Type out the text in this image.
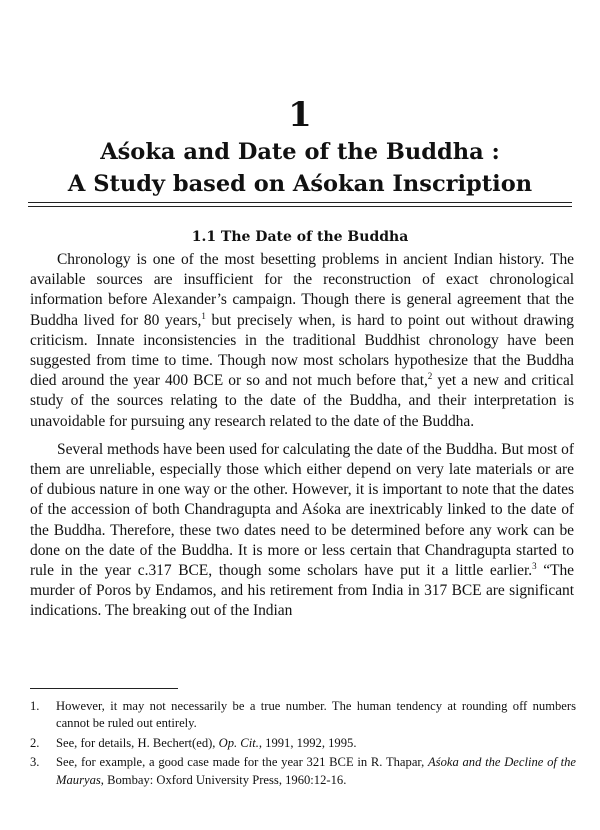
1
Aśoka and Date of the Buddha :
A Study based on Aśokan Inscription
1.1 The Date of the Buddha

Chronology is one of the most besetting problems in ancient Indian history. The available sources are insufficient for the reconstruction of exact chronological information before Alexander’s campaign. Though there is general agreement that the Buddha lived for 80 years,$^1$ but precisely when, is hard to point out without drawing criticism. Innate inconsistencies in the traditional Buddhist chronology have been suggested from time to time. Though now most scholars hypothesize that the Buddha died around the year 400 BCE or so and not much before that,$^2$ yet a new and critical study of the sources relating to the date of the Buddha, and their interpretation is unavoidable for pursuing any research related to the date of the Buddha.

Several methods have been used for calculating the date of the Buddha. But most of them are unreliable, especially those which either depend on very late materials or are of dubious nature in one way or the other. However, it is important to note that the dates of the accession of both Chandragupta and Aśoka are inextricably linked to the date of the Buddha. Therefore, these two dates need to be determined before any work can be done on the date of the Buddha. It is more or less certain that Chandragupta started to rule in the year c.317 BCE, though some scholars have put it a little earlier.$^3$ “The murder of Poros by Endamos, and his retirement from India in 317 BCE are significant indications. The breaking out of the Indian

1.	However, it may not necessarily be a true number. The human tendency at rounding off numbers cannot be ruled out entirely.
2.	See, for details, H. Bechert(ed), Op. Cit., 1991, 1992, 1995.
3.	See, for example, a good case made for the year 321 BCE in R. Thapar, Aśoka and the Decline of the Mauryas, Bombay: Oxford University Press, 1960:12-16.
